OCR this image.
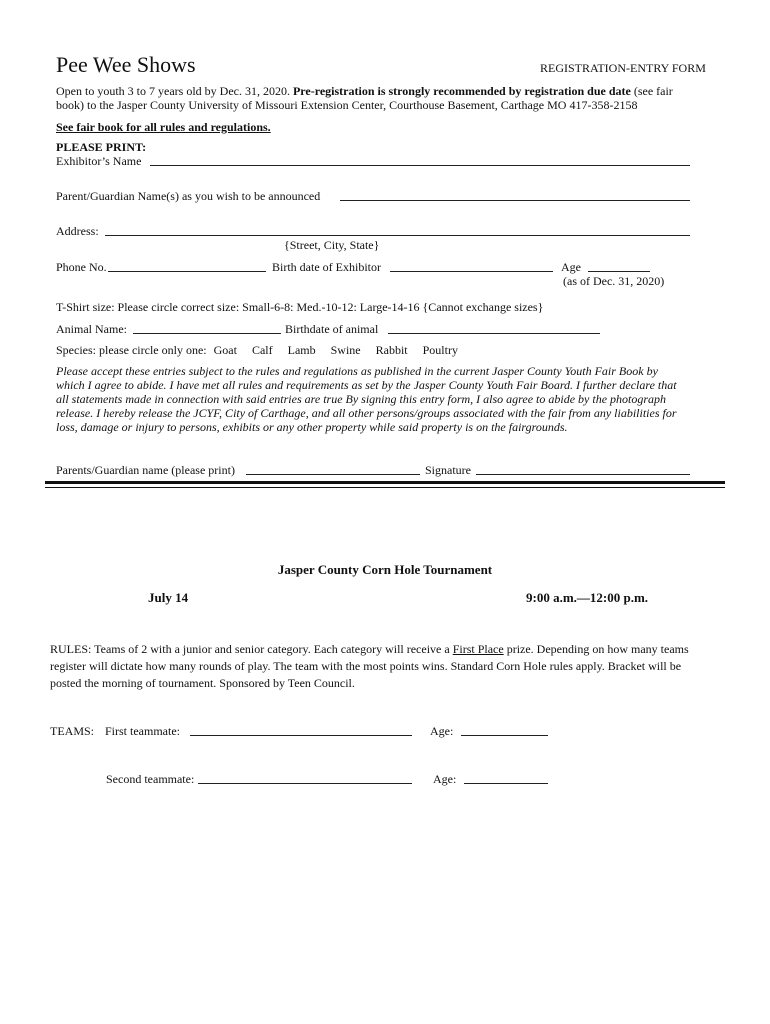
Pee Wee Shows	REGISTRATION-ENTRY FORM
Open to youth 3 to 7 years old by Dec. 31, 2020. Pre-registration is strongly recommended by registration due date (see fair
book) to the Jasper County University of Missouri Extension Center, Courthouse Basement, Carthage MO 417-358-2158
See fair book for all rules and regulations.
PLEASE PRINT:
Exhibitor’s Name
Parent/Guardian Name(s) as you wish to be announced
Address:
{Street, City, State}
Phone No.	Birth date of Exhibitor	Age
(as of Dec. 31, 2020)
T-Shirt size: Please circle correct size: Small-6-8: Med.-10-12: Large-14-16 {Cannot exchange sizes}
Animal Name:	Birthdate of animal
Species: please circle only one: Goat Calf Lamb Swine Rabbit Poultry
Please accept these entries subject to the rules and regulations as published in the current Jasper County Youth Fair Book by
which I agree to abide. I have met all rules and requirements as set by the Jasper County Youth Fair Board. I further declare that
all statements made in connection with said entries are true By signing this entry form, I also agree to abide by the photograph
release. I hereby release the JCYF, City of Carthage, and all other persons/groups associated with the fair from any liabilities for
loss, damage or injury to persons, exhibits or any other property while said property is on the fairgrounds.
Parents/Guardian name (please print)	Signature
Jasper County Corn Hole Tournament
July 14	9:00 a.m.—12:00 p.m.
RULES: Teams of 2 with a junior and senior category. Each category will receive a First Place prize. Depending on how many teams
register will dictate how many rounds of play. The team with the most points wins. Standard Corn Hole rules apply. Bracket will be
posted the morning of tournament. Sponsored by Teen Council.
TEAMS: First teammate:	Age:
Second teammate:	Age:
